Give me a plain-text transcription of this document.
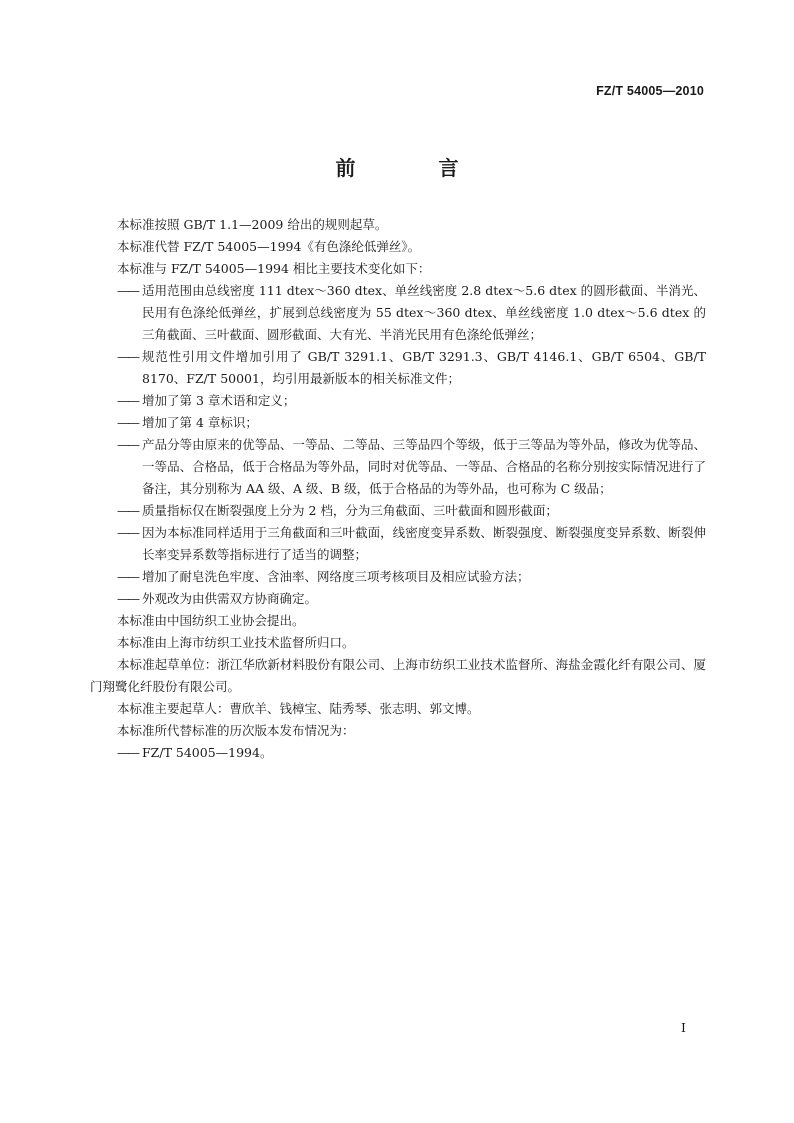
FZ/T 54005—2010
前 言

本标准按照 GB/T 1.1—2009 给出的规则起草。

本标准代替 FZ/T 54005—1994《有色涤纶低弹丝》。

本标准与 FZ/T 54005—1994 相比主要技术变化如下：

—— 适用范围由总线密度 111 dtex～360 dtex、单丝线密度 2.8 dtex～5.6 dtex 的圆形截面、半消光、民用有色涤纶低弹丝，扩展到总线密度为 55 dtex～360 dtex、单丝线密度 1.0 dtex～5.6 dtex 的三角截面、三叶截面、圆形截面、大有光、半消光民用有色涤纶低弹丝；

—— 规范性引用文件增加引用了 GB/T 3291.1、GB/T 3291.3、GB/T 4146.1、GB/T 6504、GB/T 8170、FZ/T 50001，均引用最新版本的相关标准文件；

—— 增加了第 3 章术语和定义；

—— 增加了第 4 章标识；

—— 产品分等由原来的优等品、一等品、二等品、三等品四个等级，低于三等品为等外品，修改为优等品、一等品、合格品，低于合格品为等外品，同时对优等品、一等品、合格品的名称分别按实际情况进行了备注，其分别称为 AA 级、A 级、B 级，低于合格品的为等外品，也可称为 C 级品；

—— 质量指标仅在断裂强度上分为 2 档，分为三角截面、三叶截面和圆形截面；

—— 因为本标准同样适用于三角截面和三叶截面，线密度变异系数、断裂强度、断裂强度变异系数、断裂伸长率变异系数等指标进行了适当的调整；

—— 增加了耐皂洗色牢度、含油率、网络度三项考核项目及相应试验方法；

—— 外观改为由供需双方协商确定。

本标准由中国纺织工业协会提出。

本标准由上海市纺织工业技术监督所归口。

本标准起草单位：浙江华欣新材料股份有限公司、上海市纺织工业技术监督所、海盐金霞化纤有限公司、厦门翔鹭化纤股份有限公司。

本标准主要起草人：曹欣羊、钱樟宝、陆秀琴、张志明、郭文博。

本标准所代替标准的历次版本发布情况为：

—— FZ/T 54005—1994。

I
